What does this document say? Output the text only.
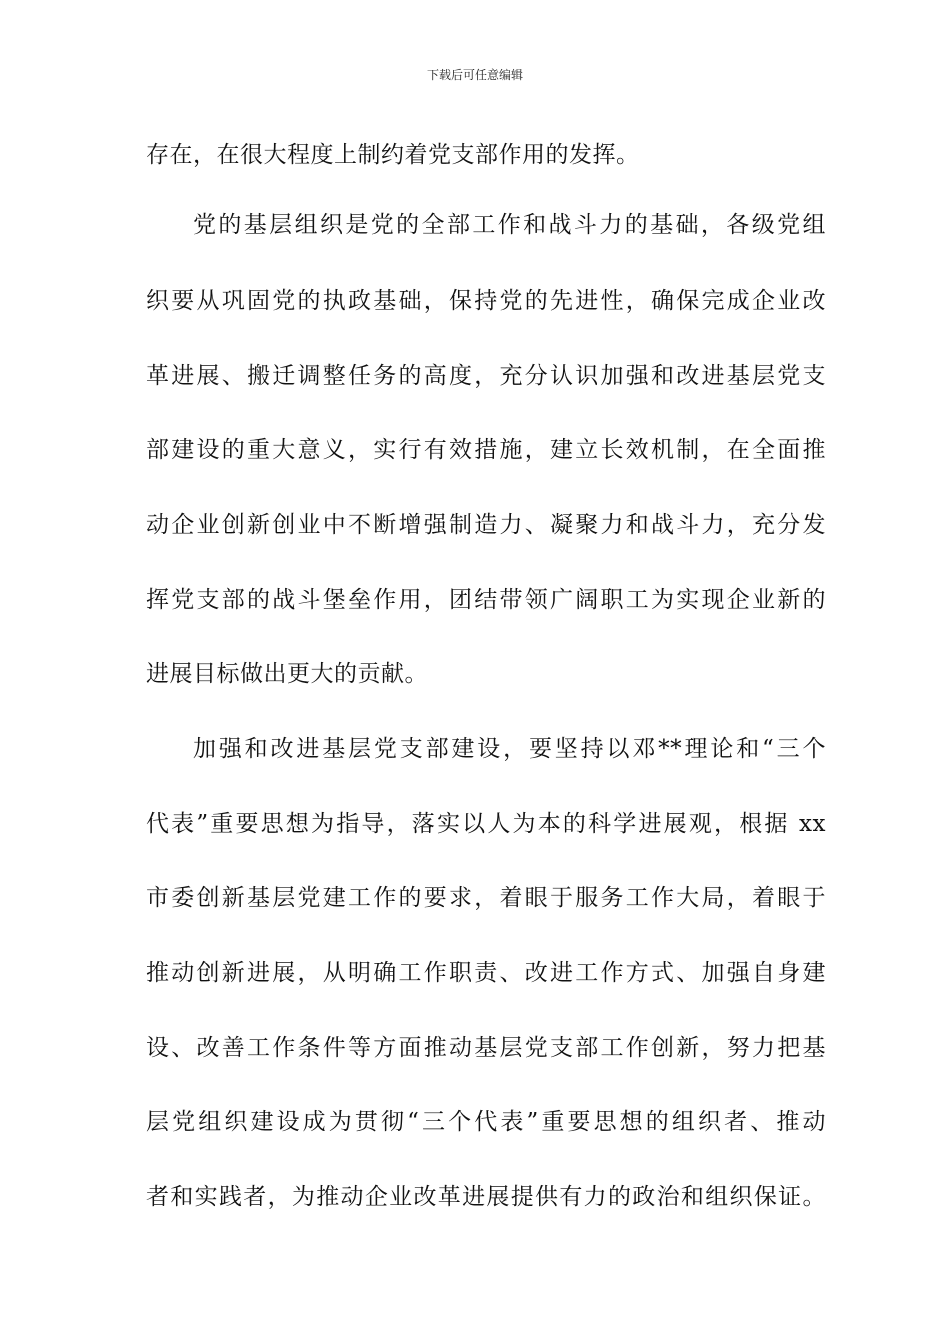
下载后可任意编辑
存在，在很大程度上制约着党支部作用的发挥。
党的基层组织是党的全部工作和战斗力的基础，各级党组
织要从巩固党的执政基础，保持党的先进性，确保完成企业改
革进展、搬迁调整任务的高度，充分认识加强和改进基层党支
部建设的重大意义，实行有效措施，建立长效机制，在全面推
动企业创新创业中不断增强制造力、凝聚力和战斗力，充分发
挥党支部的战斗堡垒作用，团结带领广阔职工为实现企业新的
进展目标做出更大的贡献。
加强和改进基层党支部建设，要坚持以邓**理论和“三个
代表”重要思想为指导，落实以人为本的科学进展观，根据 xx
市委创新基层党建工作的要求，着眼于服务工作大局，着眼于
推动创新进展，从明确工作职责、改进工作方式、加强自身建
设、改善工作条件等方面推动基层党支部工作创新，努力把基
层党组织建设成为贯彻“三个代表”重要思想的组织者、推动
者和实践者，为推动企业改革进展提供有力的政治和组织保证。
